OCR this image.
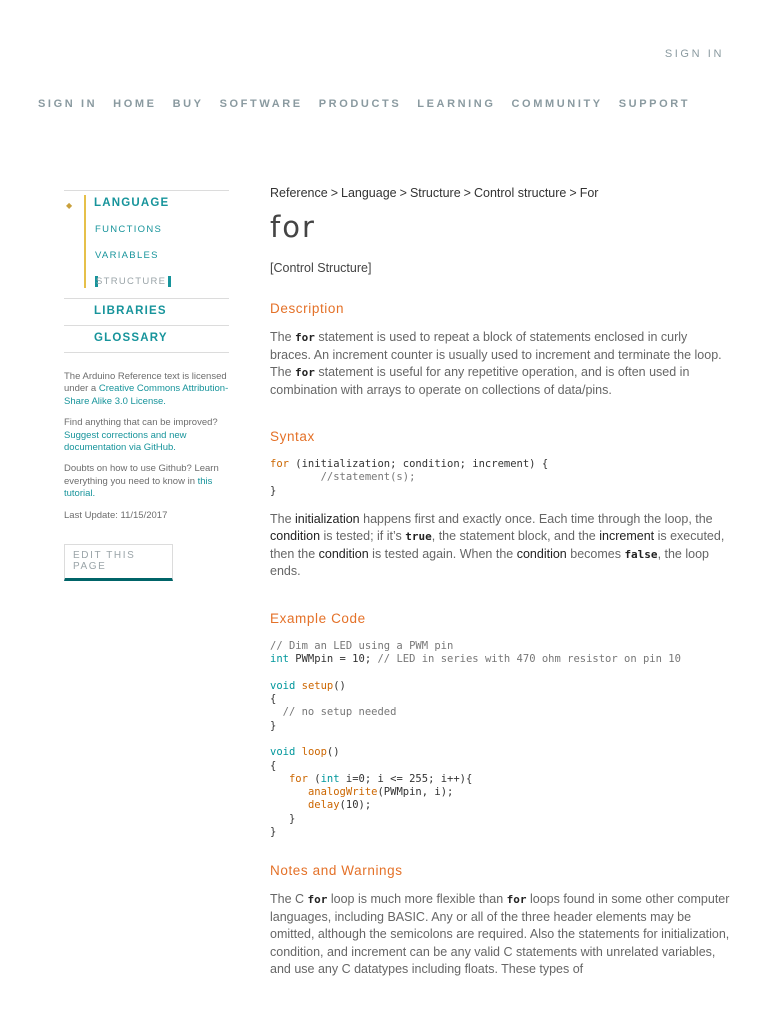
SIGN IN
SIGN IN HOME BUY SOFTWARE PRODUCTS LEARNING COMMUNITY SUPPORT
◆	LANGUAGE
FUNCTIONS
VARIABLES
STRUCTURE
LIBRARIES
GLOSSARY
The Arduino Reference text is licensed under a Creative Commons Attribution-Share Alike 3.0 License.
Find anything that can be improved? Suggest corrections and new documentation via GitHub.
Doubts on how to use Github? Learn everything you need to know in this tutorial.
Last Update: 11/15/2017
EDIT THIS PAGE
Reference > Language > Structure > Control structure > For
for
[Control Structure]
Description

The for statement is used to repeat a block of statements enclosed in curly braces. An increment counter is usually used to increment and terminate the loop. The for statement is useful for any repetitive operation, and is often used in combination with arrays to operate on collections of data/pins.

Syntax
for (initialization; condition; increment) {
	//statement(s);
}

The initialization happens first and exactly once. Each time through the loop, the condition is tested; if it’s true, the statement block, and the increment is executed, then the condition is tested again. When the condition becomes false, the loop ends.

Example Code
// Dim an LED using a PWM pin
int PWMpin = 10; // LED in series with 470 ohm resistor on pin 10

void setup()
{
// no setup needed
}

void loop()
{
for (int i=0; i <= 255; i++){
analogWrite(PWMpin, i);
delay(10);
}
}
Notes and Warnings

The C for loop is much more flexible than for loops found in some other computer languages, including BASIC. Any or all of the three header elements may be omitted, although the semicolons are required. Also the statements for initialization, condition, and increment can be any valid C statements with unrelated variables, and use any C datatypes including floats. These types of
